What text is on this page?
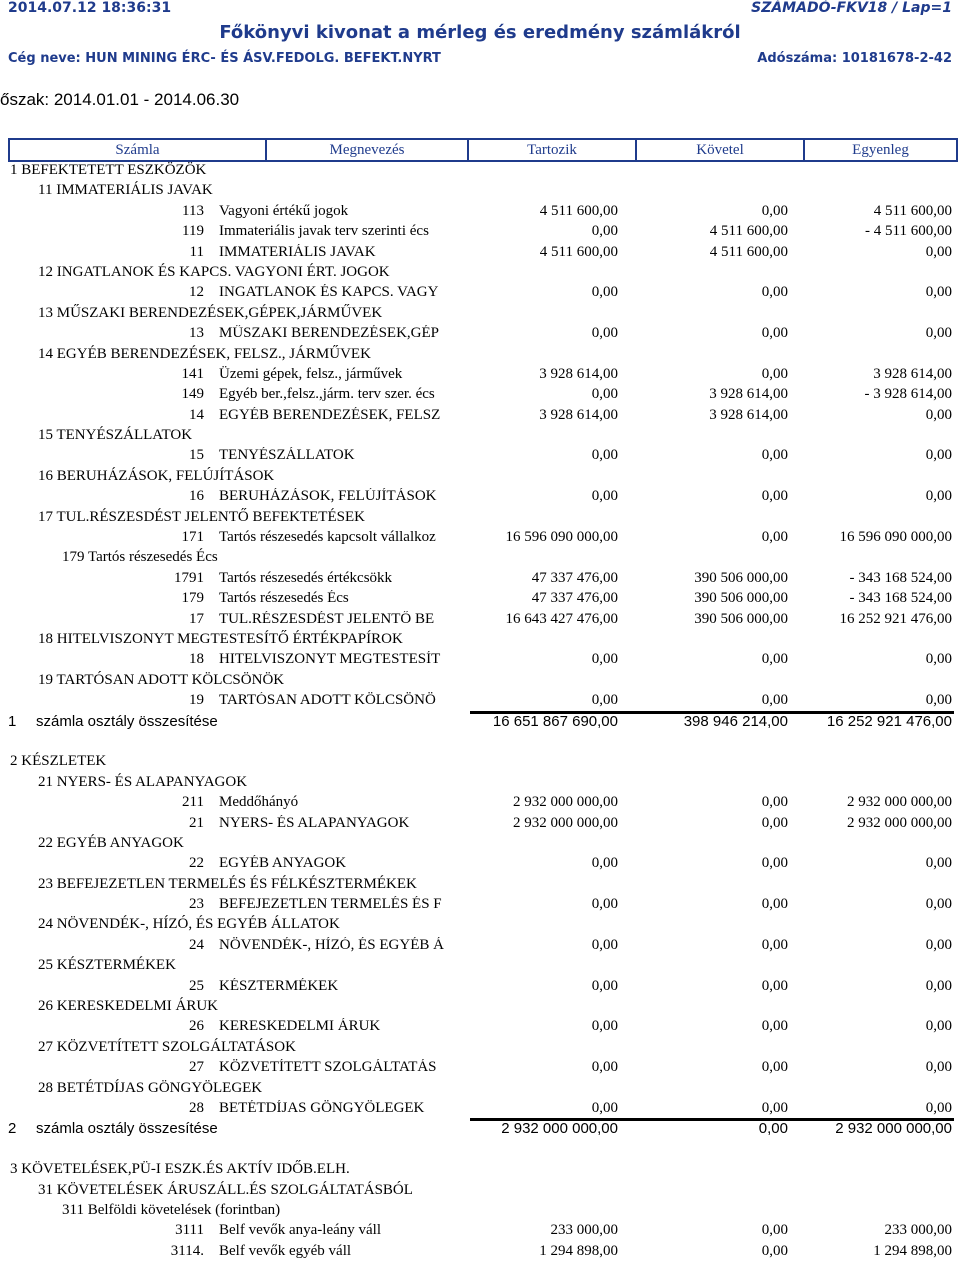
2014.07.12 18:36:31	SZÁMADÓ-FKV18 / Lap=1
Főkönyvi kivonat a mérleg és eredmény számlákról
Cég neve: HUN MINING ÉRC- ÉS ÁSV.FEDOLG. BEFEKT.NYRT	Adószáma: 10181678-2-42
őszak: 2014.01.01 - 2014.06.30
Számla	Megnevezés	Tartozik	Követel	Egyenleg
1 BEFEKTETETT ESZKÖZÖK
11 IMMATERIÁLIS JAVAK
113 Vagyoni értékű jogok	4 511 600,00	0,00	4 511 600,00
119 Immateriális javak terv szerinti écs	0,00	4 511 600,00	- 4 511 600,00
11 IMMATERIÁLIS JAVAK	4 511 600,00	4 511 600,00	0,00
12 INGATLANOK ÉS KAPCS. VAGYONI ÉRT. JOGOK
12 INGATLANOK ÉS KAPCS. VAGY	0,00	0,00	0,00
13 MŰSZAKI BERENDEZÉSEK,GÉPEK,JÁRMŰVEK
13 MŰSZAKI BERENDEZÉSEK,GÉP	0,00	0,00	0,00
14 EGYÉB BERENDEZÉSEK, FELSZ., JÁRMŰVEK
141 Üzemi gépek, felsz., járművek	3 928 614,00	0,00	3 928 614,00
149 Egyéb ber.,felsz.,járm. terv szer. écs	0,00	3 928 614,00	- 3 928 614,00
14 EGYÉB BERENDEZÉSEK, FELSZ	3 928 614,00	3 928 614,00	0,00
15 TENYÉSZÁLLATOK
15 TENYÉSZÁLLATOK	0,00	0,00	0,00
16 BERUHÁZÁSOK, FELÚJÍTÁSOK
16 BERUHÁZÁSOK, FELÚJÍTÁSOK	0,00	0,00	0,00
17 TUL.RÉSZESDÉST JELENTŐ BEFEKTETÉSEK
171 Tartós részesedés kapcsolt vállalkoz	16 596 090 000,00	0,00	16 596 090 000,00
179 Tartós részesedés Écs
1791 Tartós részesedés értékcsökk	47 337 476,00	390 506 000,00	- 343 168 524,00
179 Tartós részesedés Écs	47 337 476,00	390 506 000,00	- 343 168 524,00
17 TUL.RÉSZESDÉST JELENTŐ BE	16 643 427 476,00	390 506 000,00	16 252 921 476,00
18 HITELVISZONYT MEGTESTESÍTŐ ÉRTÉKPAPÍROK
18 HITELVISZONYT MEGTESTESÍT	0,00	0,00	0,00
19 TARTÓSAN ADOTT KÖLCSÖNÖK
19 TARTÓSAN ADOTT KÖLCSÖNÖ	0,00	0,00	0,00
1 számla osztály összesítése	16 651 867 690,00	398 946 214,00	16 252 921 476,00
2 KÉSZLETEK
21 NYERS- ÉS ALAPANYAGOK
211 Meddőhányó	2 932 000 000,00	0,00	2 932 000 000,00
21 NYERS- ÉS ALAPANYAGOK	2 932 000 000,00	0,00	2 932 000 000,00
22 EGYÉB ANYAGOK
22 EGYÉB ANYAGOK	0,00	0,00	0,00
23 BEFEJEZETLEN TERMELÉS ÉS FÉLKÉSZTERMÉKEK
23 BEFEJEZETLEN TERMELÉS ÉS F	0,00	0,00	0,00
24 NÖVENDÉK-, HÍZÓ, ÉS EGYÉB ÁLLATOK
24 NÖVENDÉK-, HÍZÓ, ÉS EGYÉB Á	0,00	0,00	0,00
25 KÉSZTERMÉKEK
25 KÉSZTERMÉKEK	0,00	0,00	0,00
26 KERESKEDELMI ÁRUK
26 KERESKEDELMI ÁRUK	0,00	0,00	0,00
27 KÖZVETÍTETT SZOLGÁLTATÁSOK
27 KÖZVETÍTETT SZOLGÁLTATÁS	0,00	0,00	0,00
28 BETÉTDÍJAS GÖNGYÖLEGEK
28 BETÉTDÍJAS GÖNGYÖLEGEK	0,00	0,00	0,00
2 számla osztály összesítése	2 932 000 000,00	0,00	2 932 000 000,00
3 KÖVETELÉSEK,PÜ-I ESZK.ÉS AKTÍV IDŐB.ELH.
31 KÖVETELÉSEK ÁRUSZÁLL.ÉS SZOLGÁLTATÁSBÓL
311 Belföldi követelések (forintban)
3111 Belf vevők anya-leány váll	233 000,00	0,00	233 000,00
3114. Belf vevők egyéb váll	1 294 898,00	0,00	1 294 898,00
